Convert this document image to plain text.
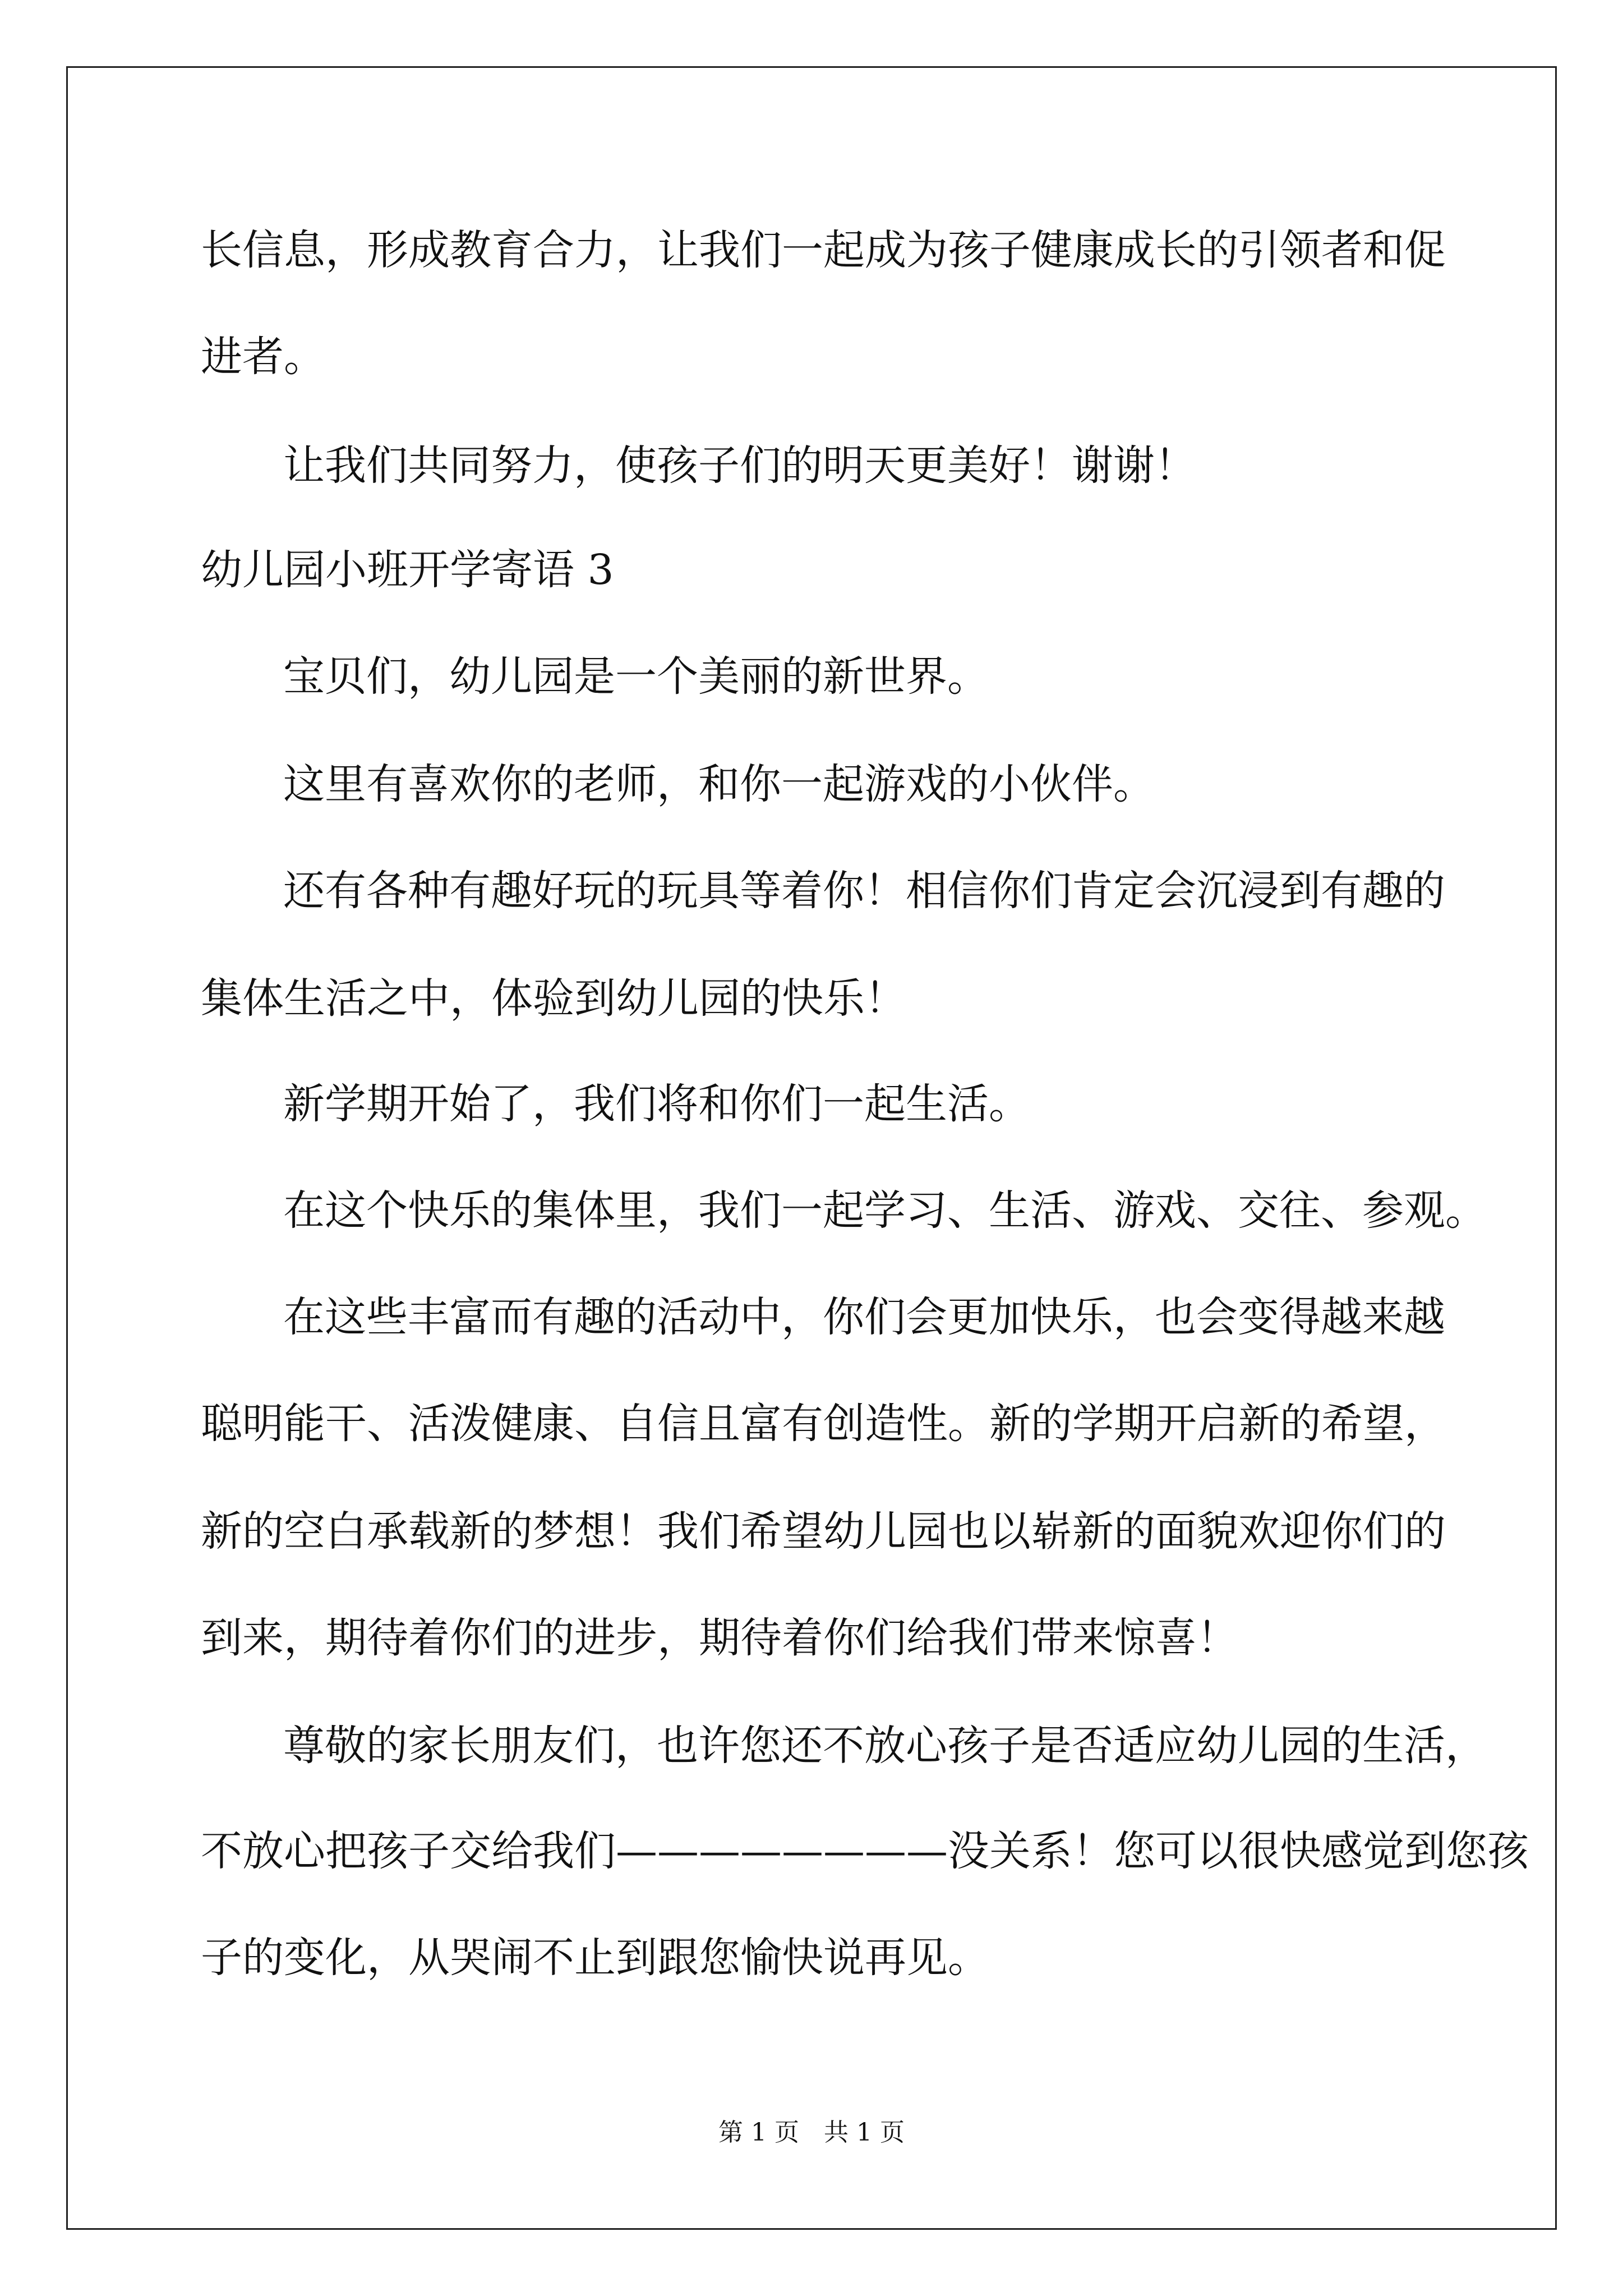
长信息，形成教育合力，让我们一起成为孩子健康成长的引领者和促
进者。
让我们共同努力，使孩子们的明天更美好！谢谢！
幼儿园小班开学寄语 3
宝贝们，幼儿园是一个美丽的新世界。
这里有喜欢你的老师，和你一起游戏的小伙伴。
还有各种有趣好玩的玩具等着你！相信你们肯定会沉浸到有趣的
集体生活之中，体验到幼儿园的快乐！
新学期开始了，我们将和你们一起生活。
在这个快乐的集体里，我们一起学习、生活、游戏、交往、参观。
在这些丰富而有趣的活动中，你们会更加快乐，也会变得越来越
聪明能干、活泼健康、自信且富有创造性。新的学期开启新的希望，
新的空白承载新的梦想！我们希望幼儿园也以崭新的面貌欢迎你们的
到来，期待着你们的进步，期待着你们给我们带来惊喜！
尊敬的家长朋友们，也许您还不放心孩子是否适应幼儿园的生活，
不放心把孩子交给我们————————没关系！您可以很快感觉到您孩
子的变化，从哭闹不止到跟您愉快说再见。
第 1 页　共 1 页
